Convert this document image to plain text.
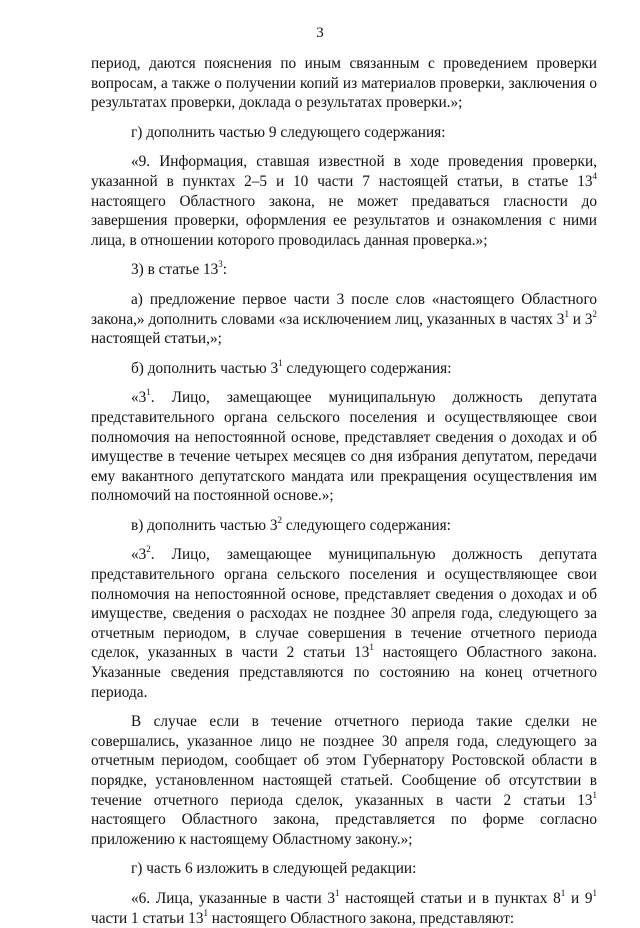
3

период, даются пояснения по иным связанным с проведением проверки вопросам, а также о получении копий из материалов проверки, заключения о результатах проверки, доклада о результатах проверки.»;

г) дополнить частью 9 следующего содержания:

«9. Информация, ставшая известной в ходе проведения проверки, указанной в пунктах 2–5 и 10 части 7 настоящей статьи, в статье $13^4$ настоящего Областного закона, не может предаваться гласности до завершения проверки, оформления ее результатов и ознакомления с ними лица, в отношении которого проводилась данная проверка.»;

3) в статье $13^3$:

а) предложение первое части 3 после слов «настоящего Областного закона,» дополнить словами «за исключением лиц, указанных в частях $3^1$ и $3^2$ настоящей статьи,»;

б) дополнить частью $3^1$ следующего содержания:

«$3^1$. Лицо, замещающее муниципальную должность депутата представительного органа сельского поселения и осуществляющее свои полномочия на непостоянной основе, представляет сведения о доходах и об имуществе в течение четырех месяцев со дня избрания депутатом, передачи ему вакантного депутатского мандата или прекращения осуществления им полномочий на постоянной основе.»;

в) дополнить частью $3^2$ следующего содержания:

«$3^2$. Лицо, замещающее муниципальную должность депутата представительного органа сельского поселения и осуществляющее свои полномочия на непостоянной основе, представляет сведения о доходах и об имуществе, сведения о расходах не позднее 30 апреля года, следующего за отчетным периодом, в случае совершения в течение отчетного периода сделок, указанных в части 2 статьи $13^1$ настоящего Областного закона. Указанные сведения представляются по состоянию на конец отчетного периода.

В случае если в течение отчетного периода такие сделки не совершались, указанное лицо не позднее 30 апреля года, следующего за отчетным периодом, сообщает об этом Губернатору Ростовской области в порядке, установленном настоящей статьей. Сообщение об отсутствии в течение отчетного периода сделок, указанных в части 2 статьи $13^1$ настоящего Областного закона, представляется по форме согласно приложению к настоящему Областному закону.»;

г) часть 6 изложить в следующей редакции:

«6. Лица, указанные в части $3^1$ настоящей статьи и в пунктах $8^1$ и $9^1$ части 1 статьи $13^1$ настоящего Областного закона, представляют:
